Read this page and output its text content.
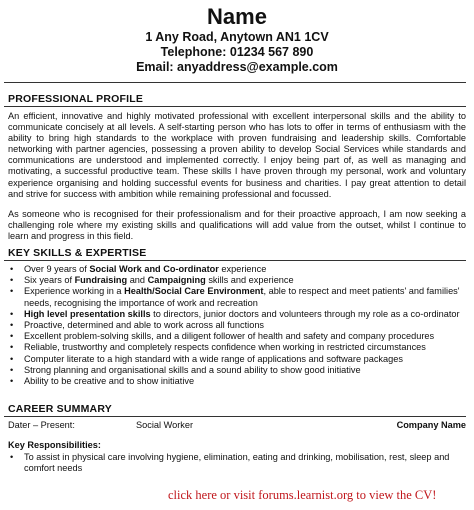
Name
1 Any Road, Anytown AN1 1CV
Telephone: 01234 567 890
Email: anyaddress@example.com
PROFESSIONAL PROFILE

An efficient, innovative and highly motivated professional with excellent interpersonal skills and the ability to communicate concisely at all levels. A self-starting person who has lots to offer in terms of enthusiasm with the ability to bring high standards to the workplace with proven fundraising and leadership skills. Comfortable networking with partner agencies, possessing a proven ability to develop Social Services while standards and communications are understood and implemented correctly. I enjoy being part of, as well as managing and motivating, a successful productive team. These skills I have proven through my personal, work and voluntary experience organising and holding successful events for business and charities. I pay great attention to detail and strive for success with ambition while remaining professional and focussed.

As someone who is recognised for their professionalism and for their proactive approach, I am now seeking a challenging role where my existing skills and qualifications will add value from the outset, whilst I continue to learn and progress in this field.

KEY SKILLS & EXPERTISE
• Over 9 years of Social Work and Co-ordinator experience
• Six years of Fundraising and Campaigning skills and experience
• Experience working in a Health/Social Care Environment, able to respect and meet patients' and families' needs, recognising the importance of work and recreation
• High level presentation skills to directors, junior doctors and volunteers through my role as a co-ordinator
• Proactive, determined and able to work across all functions
• Excellent problem-solving skills, and a diligent follower of health and safety and company procedures
• Reliable, trustworthy and completely respects confidence when working in restricted circumstances
• Computer literate to a high standard with a wide range of applications and software packages
• Strong planning and organisational skills and a sound ability to show good initiative
• Ability to be creative and to show initiative
CAREER SUMMARY
Dater – Present:	Social Worker	Company Name
Key Responsibilities:
• To assist in physical care involving hygiene, elimination, eating and drinking, mobilisation, rest, sleep and comfort needs
click here or visit forums.learnist.org to view the CV!
